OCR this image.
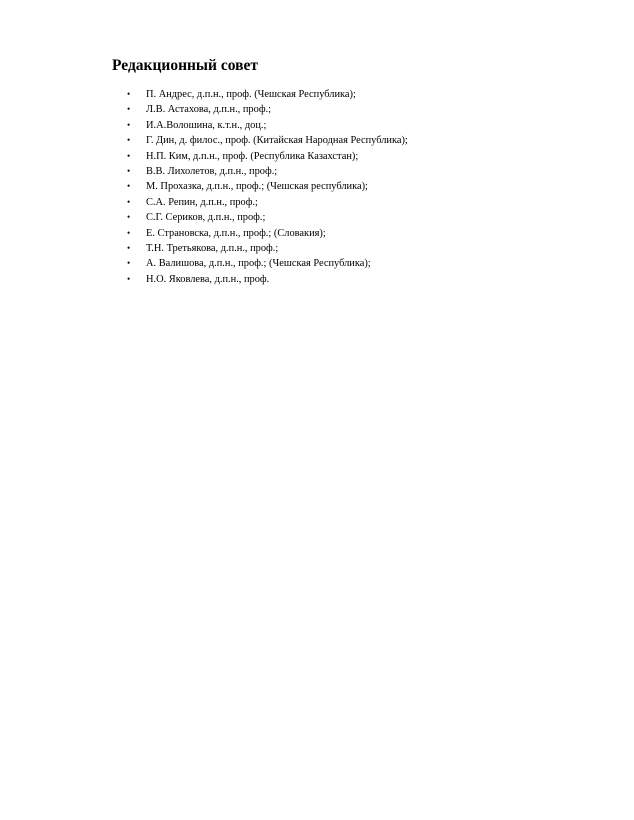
Редакционный совет
• П. Андрес, д.п.н., проф. (Чешская Республика);
• Л.В. Астахова, д.п.н., проф.;
• И.А.Волошина, к.т.н., доц.;
• Г. Дин, д. филос., проф. (Китайская Народная Республика);
• Н.П. Ким, д.п.н., проф. (Республика Казахстан);
• В.В. Лихолетов, д.п.н., проф.;
• М. Прохазка, д.п.н., проф.; (Чешская республика);
• С.А. Репин, д.п.н., проф.;
• С.Г. Сериков, д.п.н., проф.;
• Е. Страновска, д.п.н., проф.; (Словакия);
• Т.Н. Третьякова, д.п.н., проф.;
• А. Валишова, д.п.н., проф.; (Чешская Республика);
• Н.О. Яковлева, д.п.н., проф.
